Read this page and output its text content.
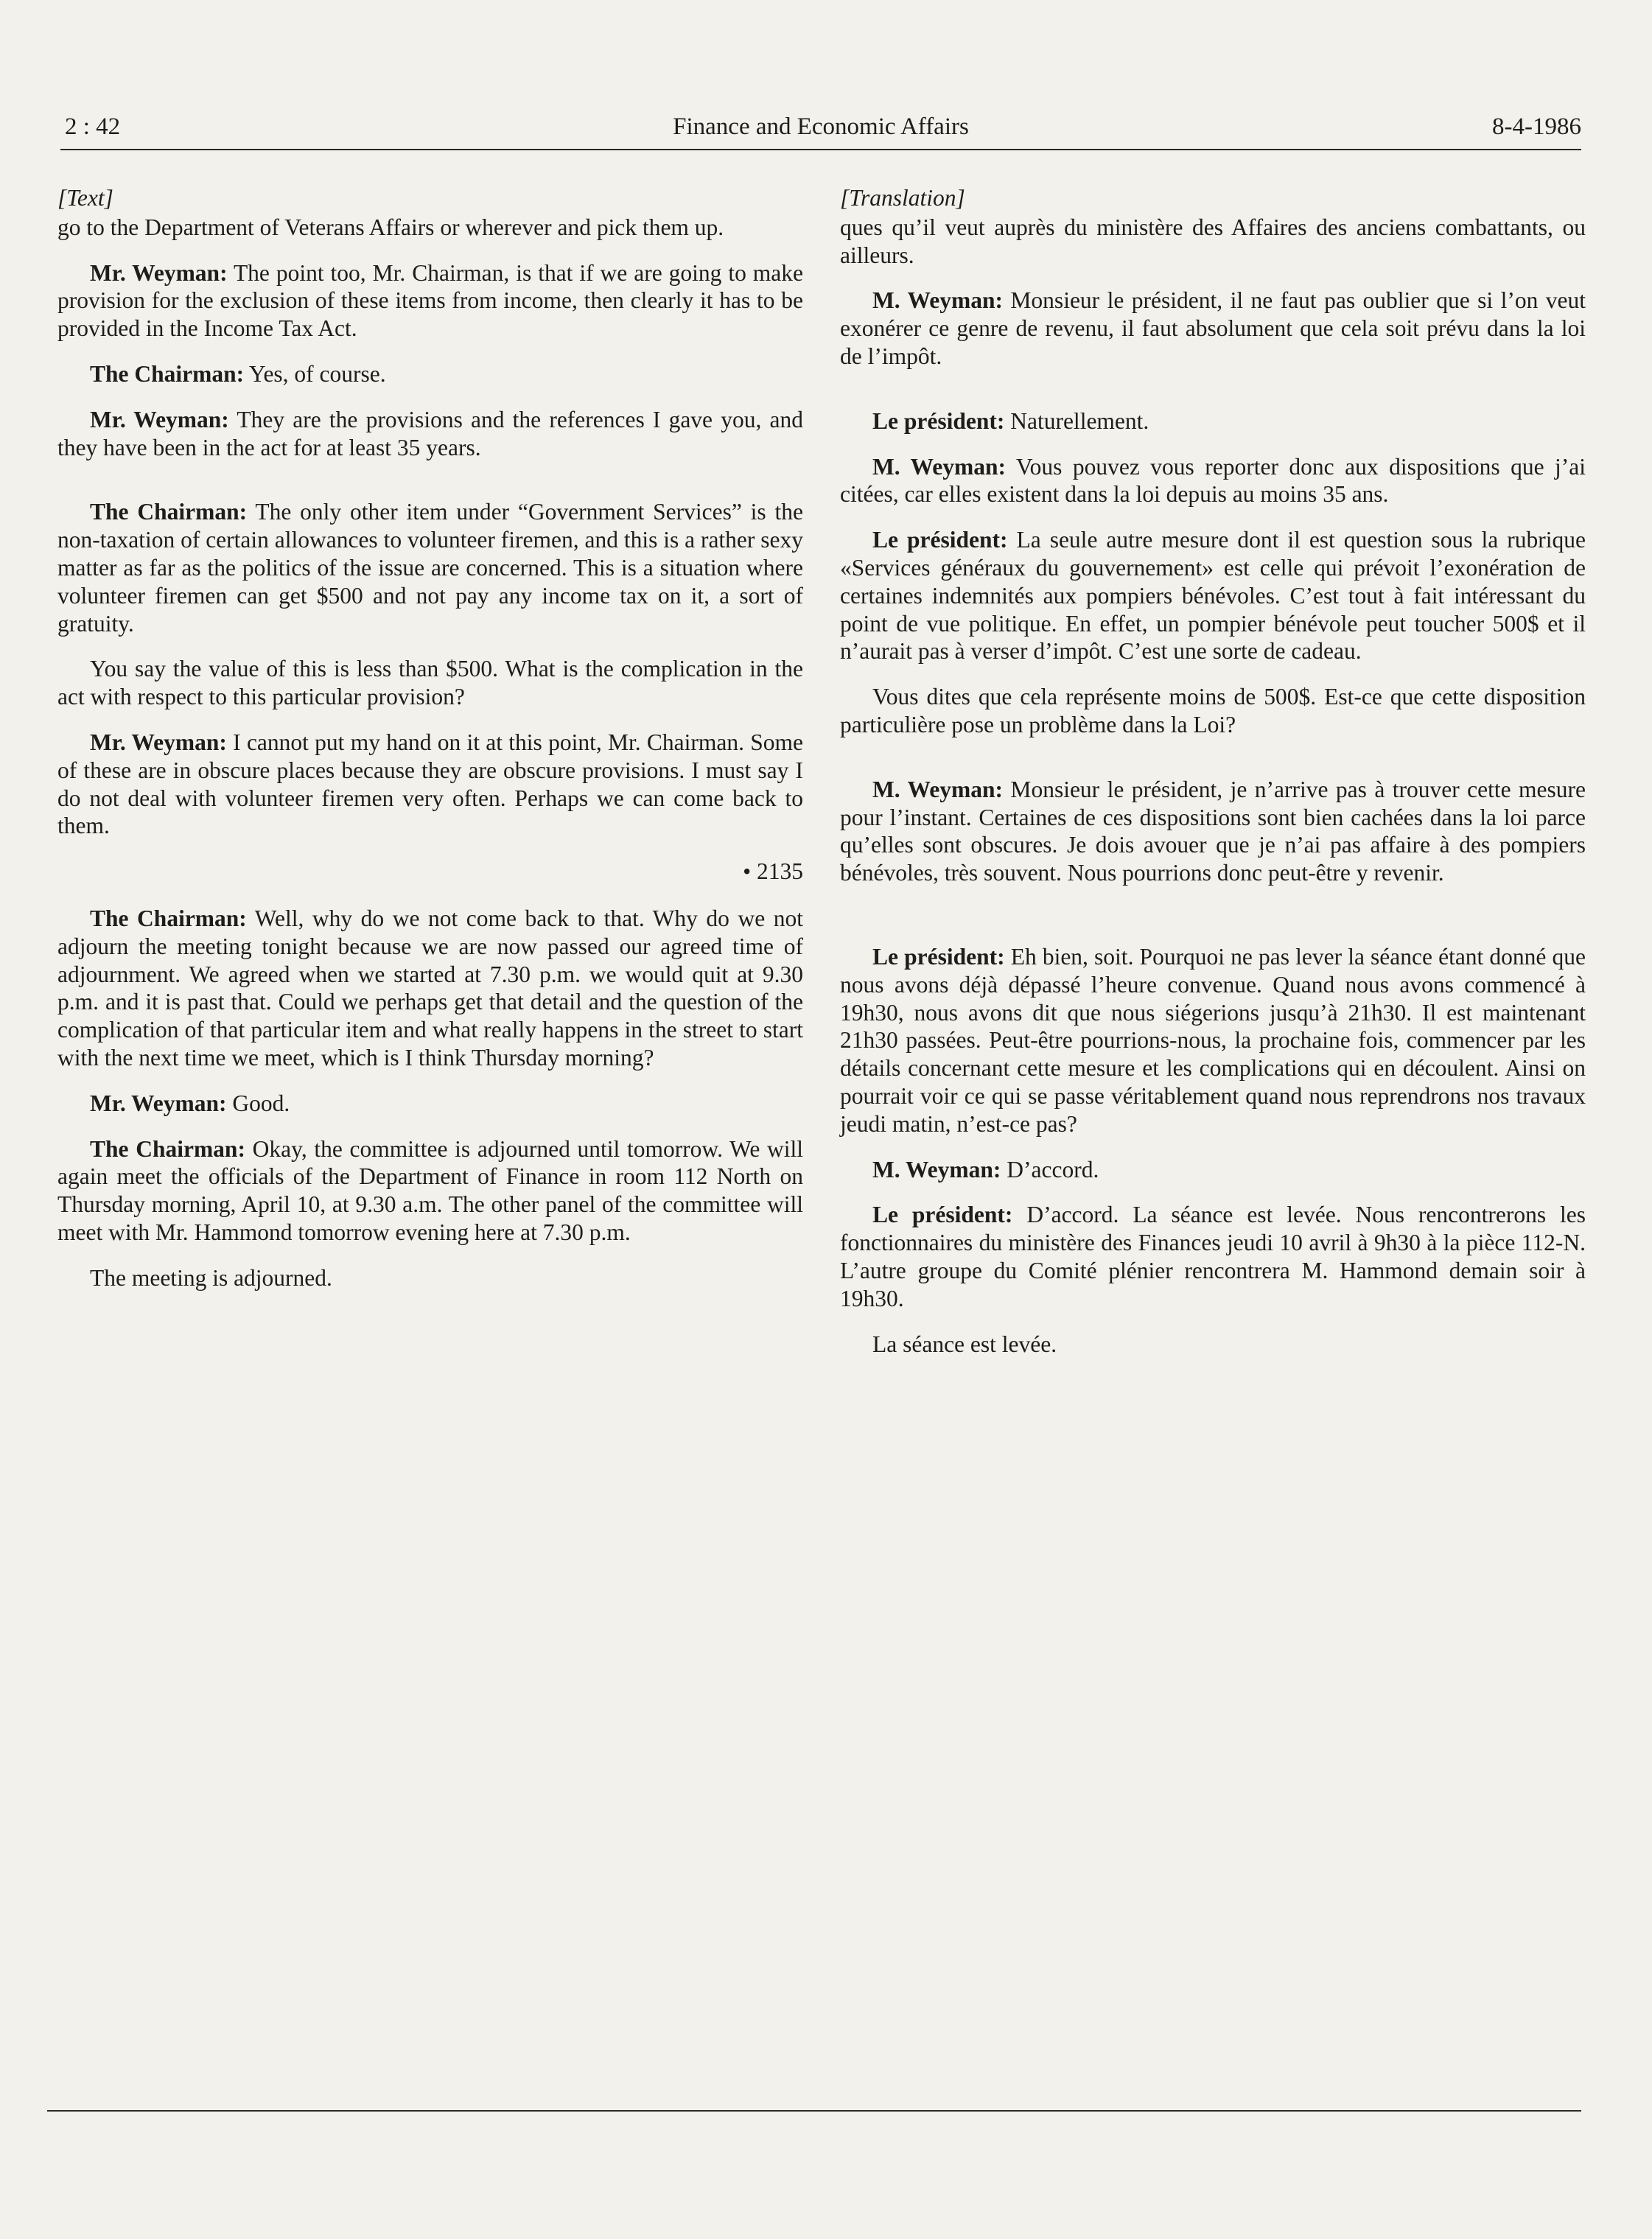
2 : 42	Finance and Economic Affairs	8-4-1986

[Text]

go to the Department of Veterans Affairs or wherever and pick them up.

Mr. Weyman: The point too, Mr. Chairman, is that if we are going to make provision for the exclusion of these items from income, then clearly it has to be provided in the Income Tax Act.

The Chairman: Yes, of course.

Mr. Weyman: They are the provisions and the references I gave you, and they have been in the act for at least 35 years.

The Chairman: The only other item under “Government Services” is the non-taxation of certain allowances to volunteer firemen, and this is a rather sexy matter as far as the politics of the issue are concerned. This is a situation where volunteer firemen can get $500 and not pay any income tax on it, a sort of gratuity.

You say the value of this is less than $500. What is the complication in the act with respect to this particular provision?

Mr. Weyman: I cannot put my hand on it at this point, Mr. Chairman. Some of these are in obscure places because they are obscure provisions. I must say I do not deal with volunteer firemen very often. Perhaps we can come back to them.

• 2135

The Chairman: Well, why do we not come back to that. Why do we not adjourn the meeting tonight because we are now passed our agreed time of adjournment. We agreed when we started at 7.30 p.m. we would quit at 9.30 p.m. and it is past that. Could we perhaps get that detail and the question of the complication of that particular item and what really happens in the street to start with the next time we meet, which is I think Thursday morning?

Mr. Weyman: Good.

The Chairman: Okay, the committee is adjourned until tomorrow. We will again meet the officials of the Department of Finance in room 112 North on Thursday morning, April 10, at 9.30 a.m. The other panel of the committee will meet with Mr. Hammond tomorrow evening here at 7.30 p.m.

The meeting is adjourned.

[Translation]

ques qu’il veut auprès du ministère des Affaires des anciens combattants, ou ailleurs.

M. Weyman: Monsieur le président, il ne faut pas oublier que si l’on veut exonérer ce genre de revenu, il faut absolument que cela soit prévu dans la loi de l’impôt.

Le président: Naturellement.

M. Weyman: Vous pouvez vous reporter donc aux dispositions que j’ai citées, car elles existent dans la loi depuis au moins 35 ans.

Le président: La seule autre mesure dont il est question sous la rubrique «Services généraux du gouvernement» est celle qui prévoit l’exonération de certaines indemnités aux pompiers bénévoles. C’est tout à fait intéressant du point de vue politique. En effet, un pompier bénévole peut toucher 500$ et il n’aurait pas à verser d’impôt. C’est une sorte de cadeau.

Vous dites que cela représente moins de 500$. Est-ce que cette disposition particulière pose un problème dans la Loi?

M. Weyman: Monsieur le président, je n’arrive pas à trouver cette mesure pour l’instant. Certaines de ces dispositions sont bien cachées dans la loi parce qu’elles sont obscures. Je dois avouer que je n’ai pas affaire à des pompiers bénévoles, très souvent. Nous pourrions donc peut-être y revenir.

Le président: Eh bien, soit. Pourquoi ne pas lever la séance étant donné que nous avons déjà dépassé l’heure convenue. Quand nous avons commencé à 19h30, nous avons dit que nous siégerions jusqu’à 21h30. Il est maintenant 21h30 passées. Peut-être pourrions-nous, la prochaine fois, commencer par les détails concernant cette mesure et les complications qui en découlent. Ainsi on pourrait voir ce qui se passe véritablement quand nous reprendrons nos travaux jeudi matin, n’est-ce pas?

M. Weyman: D’accord.

Le président: D’accord. La séance est levée. Nous rencontrerons les fonctionnaires du ministère des Finances jeudi 10 avril à 9h30 à la pièce 112-N. L’autre groupe du Comité plénier rencontrera M. Hammond demain soir à 19h30.

La séance est levée.
